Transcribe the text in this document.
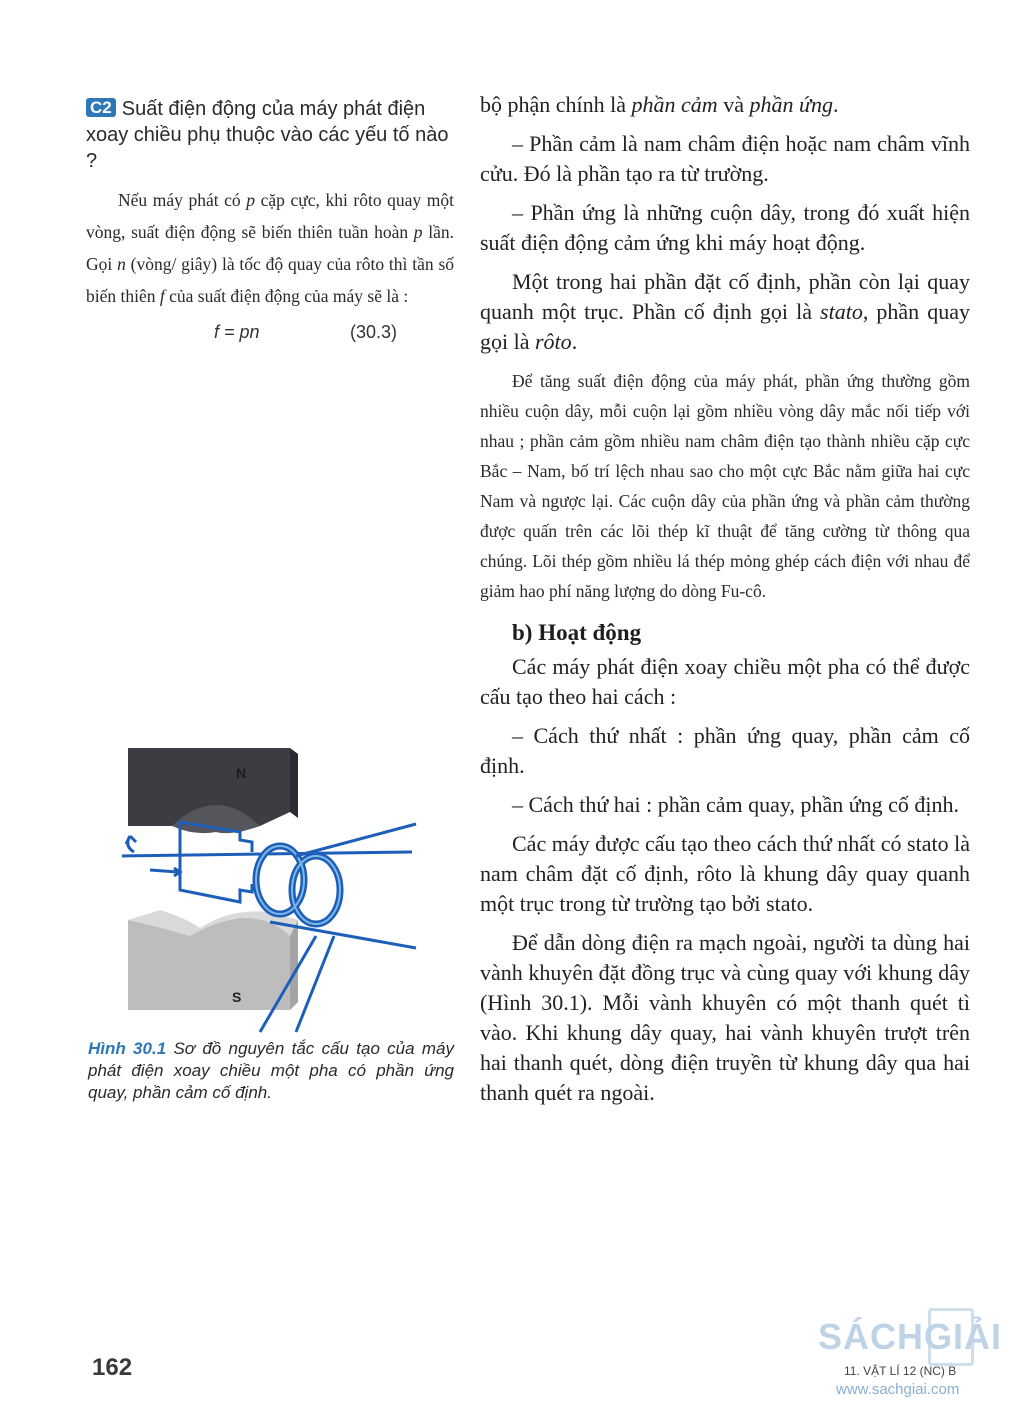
C2 Suất điện động của máy phát điện xoay chiều phụ thuộc vào các yếu tố nào ?

Nếu máy phát có p cặp cực, khi rôto quay một vòng, suất điện động sẽ biến thiên tuần hoàn p lần. Gọi n (vòng/ giây) là tốc độ quay của rôto thì tần số biến thiên f của suất điện động của máy sẽ là :

f = pn	(30.3)
N
S

Hình 30.1 Sơ đồ nguyên tắc cấu tạo của máy phát điện xoay chiều một pha có phần ứng quay, phần cảm cố định.

bộ phận chính là phần cảm và phần ứng.

– Phần cảm là nam châm điện hoặc nam châm vĩnh cửu. Đó là phần tạo ra từ trường.

– Phần ứng là những cuộn dây, trong đó xuất hiện suất điện động cảm ứng khi máy hoạt động.

Một trong hai phần đặt cố định, phần còn lại quay quanh một trục. Phần cố định gọi là stato, phần quay gọi là rôto.

Để tăng suất điện động của máy phát, phần ứng thường gồm nhiều cuộn dây, mỗi cuộn lại gồm nhiều vòng dây mắc nối tiếp với nhau ; phần cảm gồm nhiều nam châm điện tạo thành nhiều cặp cực Bắc – Nam, bố trí lệch nhau sao cho một cực Bắc nằm giữa hai cực Nam và ngược lại. Các cuộn dây của phần ứng và phần cảm thường được quấn trên các lõi thép kĩ thuật để tăng cường từ thông qua chúng. Lõi thép gồm nhiều lá thép mỏng ghép cách điện với nhau để giảm hao phí năng lượng do dòng Fu-cô.

b) Hoạt động

Các máy phát điện xoay chiều một pha có thể được cấu tạo theo hai cách :

– Cách thứ nhất : phần ứng quay, phần cảm cố định.

– Cách thứ hai : phần cảm quay, phần ứng cố định.

Các máy được cấu tạo theo cách thứ nhất có stato là nam châm đặt cố định, rôto là khung dây quay quanh một trục trong từ trường tạo bởi stato.

Để dẫn dòng điện ra mạch ngoài, người ta dùng hai vành khuyên đặt đồng trục và cùng quay với khung dây (Hình 30.1). Mỗi vành khuyên có một thanh quét tì vào. Khi khung dây quay, hai vành khuyên trượt trên hai thanh quét, dòng điện truyền từ khung dây qua hai thanh quét ra ngoài.

162
SÁCHGIẢI
11. VẬT LÍ 12 (NC) B
www.sachgiai.com
